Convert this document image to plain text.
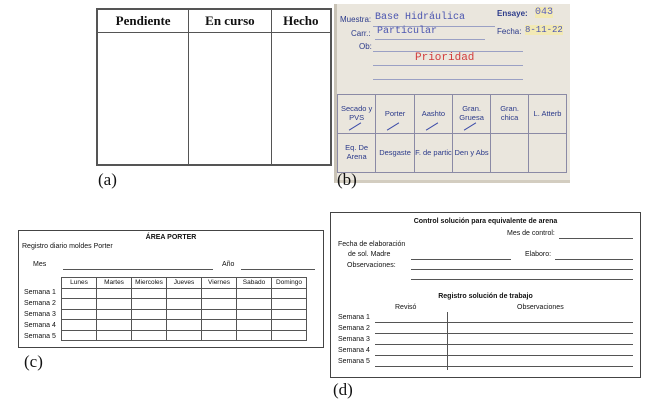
Pendiente	En curso	Hecho

(a)
Muestra: Base Hidráulica	Ensaye: 043
Carr.: Particular	Fecha: 8-11-22
Ob:
Prioridad
Secado y PVS	Porter	Aashto	Gran. Gruesa	Gran. chica	L. Atterb
Eq. De Arena	Desgaste	F. de partic	Den y Abs		
(b)
ÁREA PORTER
Registro diario moldes Porter
Mes	Año
Lunes	Martes	Miercoles	Jueves	Viernes	Sabado	Domingo

Semana 1
Semana 2
Semana 3
Semana 4
Semana 5
(c)
Control solución para equivalente de arena
Mes de control:
Fecha de elaboración
de sol. Madre	Elaboro:
Observaciones:
Registro solución de trabajo
Revisó	Observaciones
Semana 1
Semana 2
Semana 3
Semana 4
Semana 5
(d)
